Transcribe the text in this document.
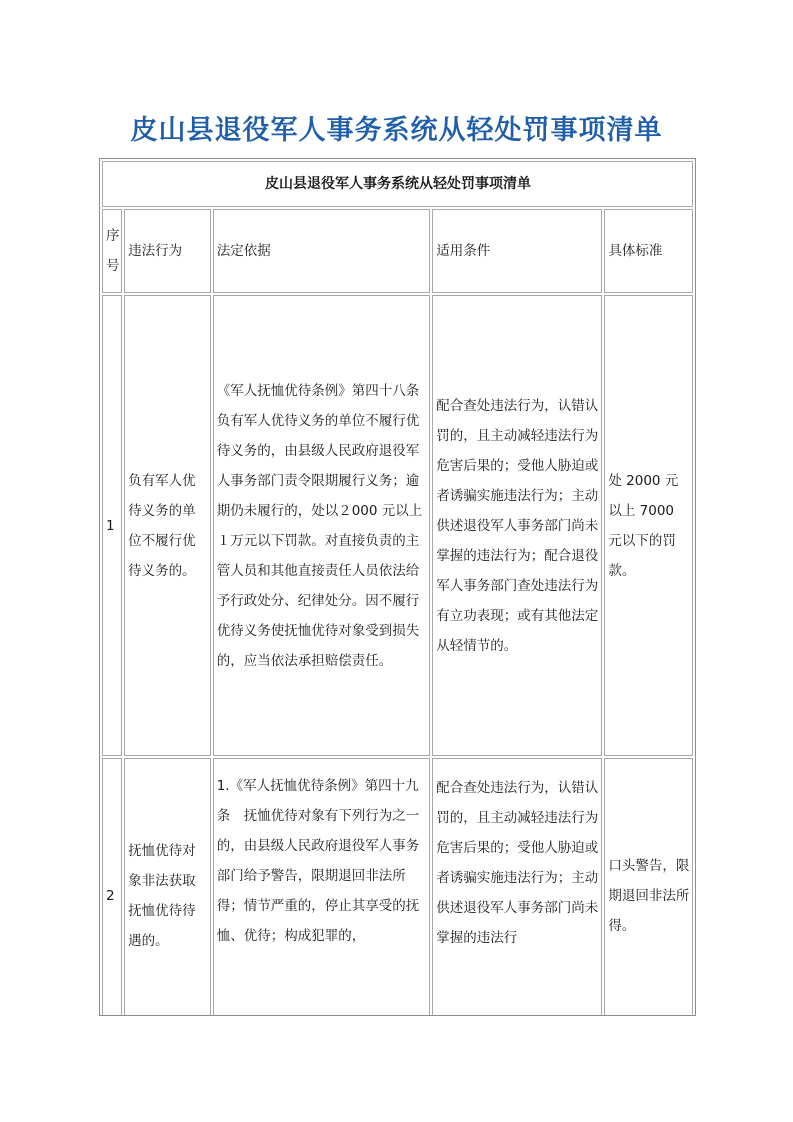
皮山县退役军人事务系统从轻处罚事项清单
皮山县退役军人事务系统从轻处罚事项清单				
序号	违法行为	法定依据	适用条件	具体标准
1	负有军人优待义务的单位不履行优待义务的。	《军人抚恤优待条例》第四十八条　负有军人优待义务的单位不履行优待义务的，由县级人民政府退役军人事务部门责令限期履行义务；逾期仍未履行的，处以２000 元以上１万元以下罚款。对直接负责的主管人员和其他直接责任人员依法给予行政处分、纪律处分。因不履行优待义务使抚恤优待对象受到损失的，应当依法承担赔偿责任。	配合查处违法行为，认错认罚的，且主动减轻违法行为危害后果的；受他人胁迫或者诱骗实施违法行为；主动供述退役军人事务部门尚未掌握的违法行为；配合退役军人事务部门查处违法行为有立功表现；或有其他法定从轻情节的。	处 2000 元以上 7000 元以下的罚款。
2	抚恤优待对象非法获取抚恤优待待遇的。	1.《军人抚恤优待条例》第四十九条　抚恤优待对象有下列行为之一的，由县级人民政府退役军人事务部门给予警告，限期退回非法所得；情节严重的，停止其享受的抚恤、优待；构成犯罪的，	配合查处违法行为，认错认罚的，且主动减轻违法行为危害后果的；受他人胁迫或者诱骗实施违法行为；主动供述退役军人事务部门尚未掌握的违法行	口头警告，限期退回非法所得。
